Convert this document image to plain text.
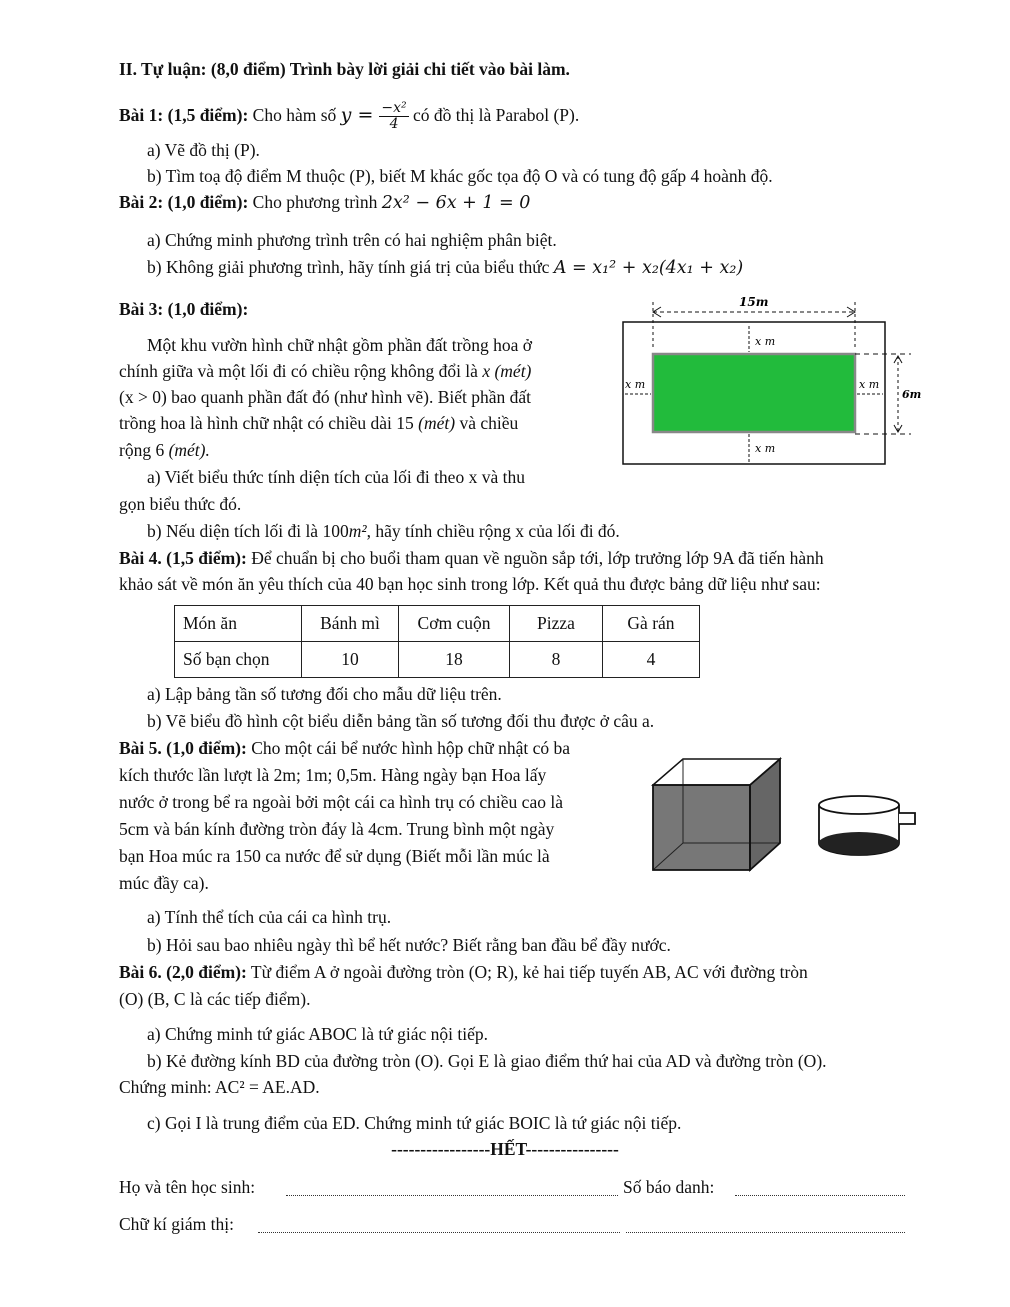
II. Tự luận: (8,0 điểm) Trình bày lời giải chi tiết vào bài làm.
Bài 1: (1,5 điểm): Cho hàm số $y = \frac{\text{−x²}}{4}$ có đồ thị là Parabol (P).
a) Vẽ đồ thị (P).
b) Tìm toạ độ điểm M thuộc (P), biết M khác gốc tọa độ O và có tung độ gấp 4 hoành độ.
Bài 2: (1,0 điểm): Cho phương trình 2x² − 6x + 1 = 0
a) Chứng minh phương trình trên có hai nghiệm phân biệt.
b) Không giải phương trình, hãy tính giá trị của biểu thức A = x₁² + x₂(4x₁ + x₂)
Bài 3: (1,0 điểm):
Một khu vườn hình chữ nhật gồm phần đất trồng hoa ở
chính giữa và một lối đi có chiều rộng không đổi là x (mét)
(x > 0) bao quanh phần đất đó (như hình vẽ). Biết phần đất
trồng hoa là hình chữ nhật có chiều dài 15 (mét) và chiều
rộng 6 (mét).
a) Viết biểu thức tính diện tích của lối đi theo x và thu
gọn biểu thức đó.
b) Nếu diện tích lối đi là 100m², hãy tính chiều rộng x của lối đi đó.
15m
x m
x m
x m	x m
6m
Bài 4. (1,5 điểm): Để chuẩn bị cho buổi tham quan về nguồn sắp tới, lớp trưởng lớp 9A đã tiến hành
khảo sát về món ăn yêu thích của 40 bạn học sinh trong lớp. Kết quả thu được bảng dữ liệu như sau:
Món ăn	Bánh mì	Cơm cuộn	Pizza	Gà rán
Số bạn chọn	10	18	8	4
a) Lập bảng tần số tương đối cho mẫu dữ liệu trên.
b) Vẽ biểu đồ hình cột biểu diễn bảng tần số tương đối thu được ở câu a.
Bài 5. (1,0 điểm): Cho một cái bể nước hình hộp chữ nhật có ba
kích thước lần lượt là 2m; 1m; 0,5m. Hàng ngày bạn Hoa lấy
nước ở trong bể ra ngoài bởi một cái ca hình trụ có chiều cao là
5cm và bán kính đường tròn đáy là 4cm. Trung bình một ngày
bạn Hoa múc ra 150 ca nước để sử dụng (Biết mỗi lần múc là
múc đầy ca).
a) Tính thể tích của cái ca hình trụ.
b) Hỏi sau bao nhiêu ngày thì bể hết nước? Biết rằng ban đầu bể đầy nước.
Bài 6. (2,0 điểm): Từ điểm A ở ngoài đường tròn (O; R), kẻ hai tiếp tuyến AB, AC với đường tròn
(O) (B, C là các tiếp điểm).
a) Chứng minh tứ giác ABOC là tứ giác nội tiếp.
b) Kẻ đường kính BD của đường tròn (O). Gọi E là giao điểm thứ hai của AD và đường tròn (O).
Chứng minh: AC² = AE.AD.
c) Gọi I là trung điểm của ED. Chứng minh tứ giác BOIC là tứ giác nội tiếp.
-----------------HẾT----------------
Họ và tên học sinh:	Số báo danh:
Chữ kí giám thị:
